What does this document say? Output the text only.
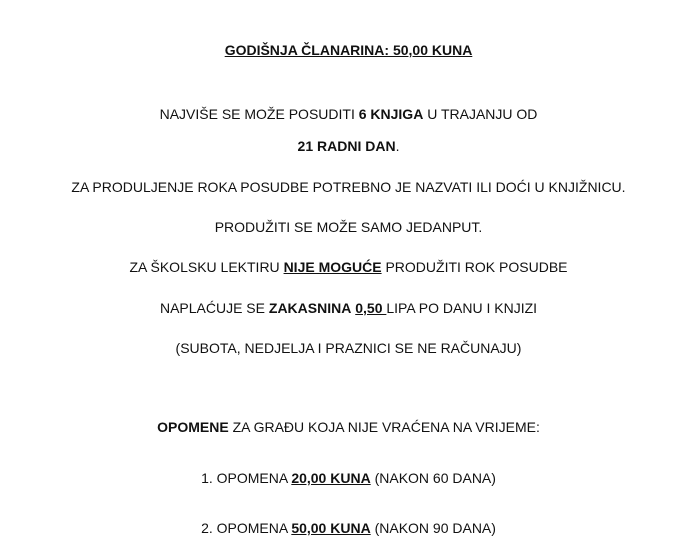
GODIŠNJA ČLANARINA: 50,00 KUNA
NAJVIŠE SE MOŽE POSUDITI 6 KNJIGA U TRAJANJU OD
21 RADNI DAN.
ZA PRODULJENJE ROKA POSUDBE POTREBNO JE NAZVATI ILI DOĆI U KNJIŽNICU.
PRODUŽITI SE MOŽE SAMO JEDANPUT.
ZA ŠKOLSKU LEKTIRU NIJE MOGUĆE PRODUŽITI ROK POSUDBE
NAPLAĆUJE SE ZAKASNINA 0,50 LIPA PO DANU I KNJIZI
(SUBOTA, NEDJELJA I PRAZNICI SE NE RAČUNAJU)
OPOMENE ZA GRAĐU KOJA NIJE VRAĆENA NA VRIJEME:
1. OPOMENA 20,00 KUNA (NAKON 60 DANA)
2. OPOMENA 50,00 KUNA (NAKON 90 DANA)
